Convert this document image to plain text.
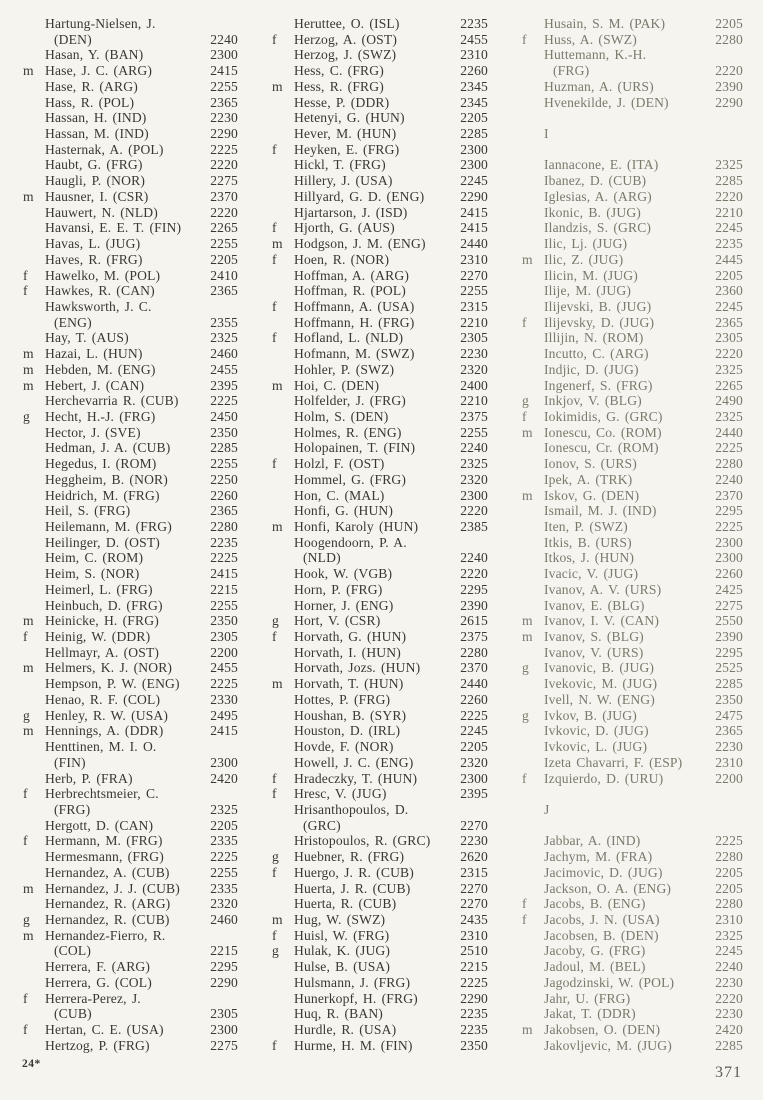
Hartung-Nielsen, J.
(DEN)	2240
Hasan, Y. (BAN)	2300
m Hase, J. C. (ARG)	2415
Hase, R. (ARG)	2255
Hass, R. (POL)	2365
Hassan, H. (IND)	2230
Hassan, M. (IND)	2290
Hasternak, A. (POL)	2225
Haubt, G. (FRG)	2220
Haugli, P. (NOR)	2275
m Hausner, I. (CSR)	2370
Hauwert, N. (NLD)	2220
Havansi, E. E. T. (FIN)	2265
Havas, L. (JUG)	2255
Haves, R. (FRG)	2205
f	Hawelko, M. (POL)	2410
f	Hawkes, R. (CAN)	2365
Hawksworth, J. C.
(ENG)	2355
Hay, T. (AUS)	2325
m Hazai, L. (HUN)	2460
m Hebden, M. (ENG)	2455
m Hebert, J. (CAN)	2395
Herchevarria R. (CUB)	2225
g	Hecht, H.-J. (FRG)	2450
Hector, J. (SVE)	2350
Hedman, J. A. (CUB)	2285
Hegedus, I. (ROM)	2255
Heggheim, B. (NOR)	2250
Heidrich, M. (FRG)	2260
Heil, S. (FRG)	2365
Heilemann, M. (FRG)	2280
Heilinger, D. (OST)	2235
Heim, C. (ROM)	2225
Heim, S. (NOR)	2415
Heimerl, L. (FRG)	2215
Heinbuch, D. (FRG)	2255
m Heinicke, H. (FRG)	2350
f	Heinig, W. (DDR)	2305
Hellmayr, A. (OST)	2200
m Helmers, K. J. (NOR)	2455
Hempson, P. W. (ENG)	2225
Henao, R. F. (COL)	2330
g	Henley, R. W. (USA)	2495
m Hennings, A. (DDR)	2415
Henttinen, M. I. O.
(FIN)	2300
Herb, P. (FRA)	2420
f	Herbrechtsmeier, C.
(FRG)	2325
Hergott, D. (CAN)	2205
f	Hermann, M. (FRG)	2335
Hermesmann, (FRG)	2225
Hernandez, A. (CUB)	2255
m Hernandez, J. J. (CUB)	2335
Hernandez, R. (ARG)	2320
g	Hernandez, R. (CUB)	2460
m Hernandez-Fierro, R.
(COL)	2215
Herrera, F. (ARG)	2295
Herrera, G. (COL)	2290
f	Herrera-Perez, J.
(CUB)	2305
f	Hertan, C. E. (USA)	2300
Hertzog, P. (FRG)	2275
Heruttee, O. (ISL)	2235
f	Herzog, A. (OST)	2455
Herzog, J. (SWZ)	2310
Hess, C. (FRG)	2260
m Hess, R. (FRG)	2345
Hesse, P. (DDR)	2345
Hetenyi, G. (HUN)	2205
Hever, M. (HUN)	2285
f	Heyken, E. (FRG)	2300
Hickl, T. (FRG)	2300
Hillery, J. (USA)	2245
Hillyard, G. D. (ENG)	2290
Hjartarson, J. (ISD)	2415
f	Hjorth, G. (AUS)	2415
m Hodgson, J. M. (ENG)	2440
f	Hoen, R. (NOR)	2310
Hoffman, A. (ARG)	2270
Hoffman, R. (POL)	2255
f	Hoffmann, A. (USA)	2315
Hoffmann, H. (FRG)	2210
f	Hofland, L. (NLD)	2305
Hofmann, M. (SWZ)	2230
Hohler, P. (SWZ)	2320
m Hoi, C. (DEN)	2400
Holfelder, J. (FRG)	2210
Holm, S. (DEN)	2375
Holmes, R. (ENG)	2255
Holopainen, T. (FIN)	2240
f	Holzl, F. (OST)	2325
Hommel, G. (FRG)	2320
Hon, C. (MAL)	2300
Honfi, G. (HUN)	2220
m Honfi, Karoly (HUN)	2385
Hoogendoorn, P. A.
(NLD)	2240
Hook, W. (VGB)	2220
Horn, P. (FRG)	2295
Horner, J. (ENG)	2390
g	Hort, V. (CSR)	2615
f	Horvath, G. (HUN)	2375
Horvath, I. (HUN)	2280
Horvath, Jozs. (HUN)	2370
m Horvath, T. (HUN)	2440
Hottes, P. (FRG)	2260
Houshan, B. (SYR)	2225
Houston, D. (IRL)	2245
Hovde, F. (NOR)	2205
Howell, J. C. (ENG)	2320
f	Hradeczky, T. (HUN)	2300
f	Hresc, V. (JUG)	2395
Hrisanthopoulos, D.
(GRC)	2270
Hristopoulos, R. (GRC)	2230
g	Huebner, R. (FRG)	2620
f	Huergo, J. R. (CUB)	2315
Huerta, J. R. (CUB)	2270
Huerta, R. (CUB)	2270
m Hug, W. (SWZ)	2435
f	Huisl, W. (FRG)	2310
g	Hulak, K. (JUG)	2510
Hulse, B. (USA)	2215
Hulsmann, J. (FRG)	2225
Hunerkopf, H. (FRG)	2290
Huq, R. (BAN)	2235
Hurdle, R. (USA)	2235
f	Hurme, H. M. (FIN)	2350
Husain, S. M. (PAK)	2205
f	Huss, A. (SWZ)	2280
Huttemann, K.-H.
(FRG)	2220
Huzman, A. (URS)	2390
Hvenekilde, J. (DEN)	2290
I
Iannacone, E. (ITA)	2325
Ibanez, D. (CUB)	2285
Iglesias, A. (ARG)	2220
Ikonic, B. (JUG)	2210
Ilandzis, S. (GRC)	2245
Ilic, Lj. (JUG)	2235
m Ilic, Z. (JUG)	2445
Ilicin, M. (JUG)	2205
Ilije, M. (JUG)	2360
Ilijevski, B. (JUG)	2245
f	Ilijevsky, D. (JUG)	2365
Illijin, N. (ROM)	2305
Incutto, C. (ARG)	2220
Indjic, D. (JUG)	2325
Ingenerf, S. (FRG)	2265
g	Inkjov, V. (BLG)	2490
f	Iokimidis, G. (GRC)	2325
m Ionescu, Co. (ROM)	2440
Ionescu, Cr. (ROM)	2225
Ionov, S. (URS)	2280
Ipek, A. (TRK)	2240
m Iskov, G. (DEN)	2370
Ismail, M. J. (IND)	2295
Iten, P. (SWZ)	2225
Itkis, B. (URS)	2300
Itkos, J. (HUN)	2300
Ivacic, V. (JUG)	2260
Ivanov, A. V. (URS)	2425
Ivanov, E. (BLG)	2275
m Ivanov, I. V. (CAN)	2550
m Ivanov, S. (BLG)	2390
Ivanov, V. (URS)	2295
g	Ivanovic, B. (JUG)	2525
Ivekovic, M. (JUG)	2285
Ivell, N. W. (ENG)	2350
g	Ivkov, B. (JUG)	2475
Ivkovic, D. (JUG)	2365
Ivkovic, L. (JUG)	2230
Izeta Chavarri, F. (ESP)	2310
f	Izquierdo, D. (URU)	2200
J
Jabbar, A. (IND)	2225
Jachym, M. (FRA)	2280
Jacimovic, D. (JUG)	2205
Jackson, O. A. (ENG)	2205
f	Jacobs, B. (ENG)	2280
f	Jacobs, J. N. (USA)	2310
Jacobsen, B. (DEN)	2325
Jacoby, G. (FRG)	2245
Jadoul, M. (BEL)	2240
Jagodzinski, W. (POL)	2230
Jahr, U. (FRG)	2220
Jakat, T. (DDR)	2230
m Jakobsen, O. (DEN)	2420
Jakovljevic, M. (JUG)	2285
24*	371
